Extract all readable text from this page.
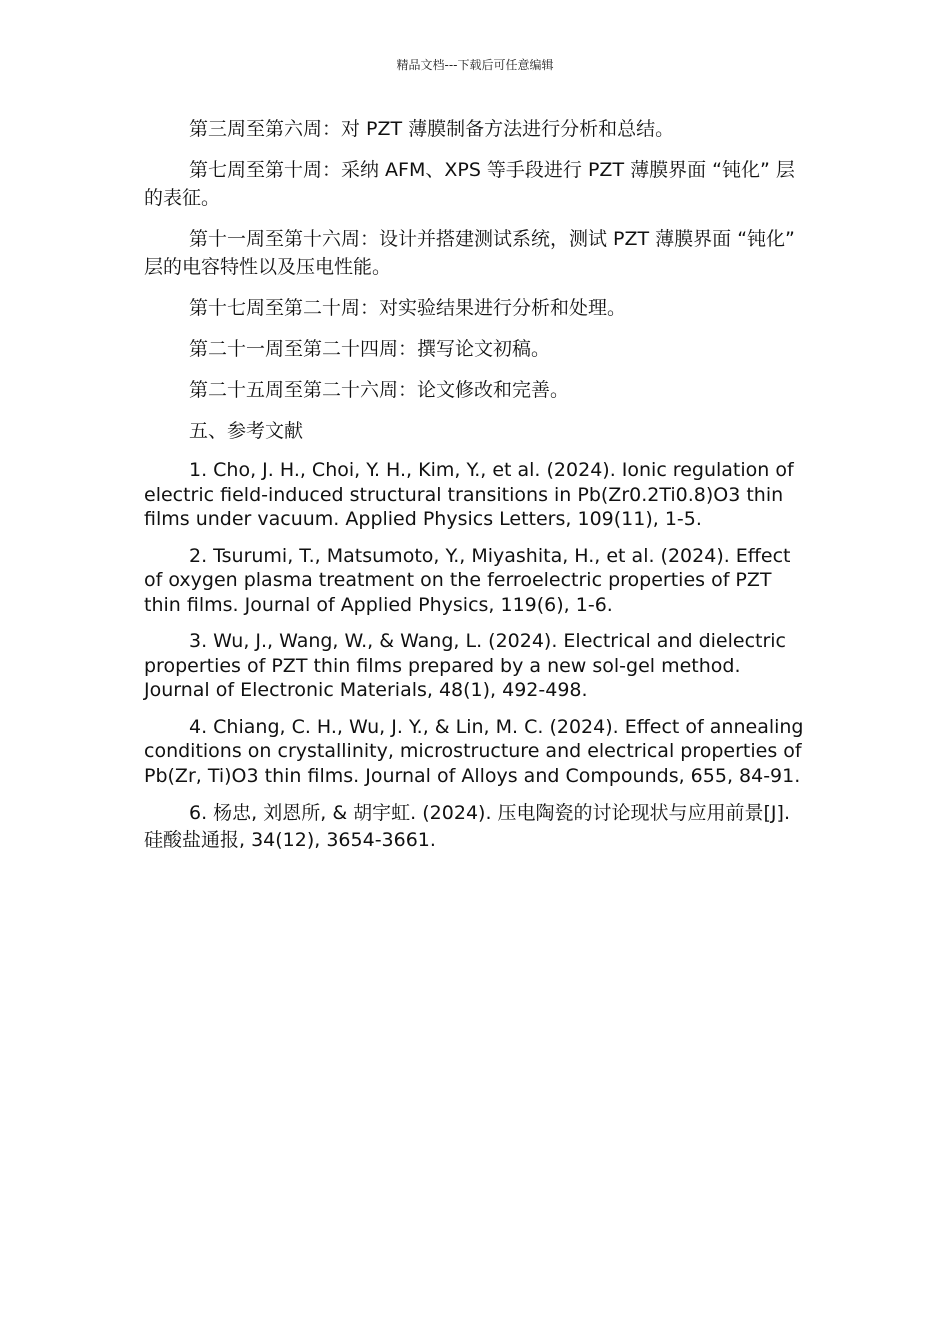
精品文档---下载后可任意编辑

第三周至第六周：对 PZT 薄膜制备方法进行分析和总结。

第七周至第十周：采纳 AFM、XPS 等手段进行 PZT 薄膜界面 “钝化” 层的表征。

第十一周至第十六周：设计并搭建测试系统，测试 PZT 薄膜界面 “钝化” 层的电容特性以及压电性能。

第十七周至第二十周：对实验结果进行分析和处理。

第二十一周至第二十四周：撰写论文初稿。

第二十五周至第二十六周：论文修改和完善。

五、参考文献

1. Cho, J. H., Choi, Y. H., Kim, Y., et al. (2024). Ionic regulation of electric field-induced structural transitions in Pb(Zr0.2Ti0.8)O3 thin films under vacuum. Applied Physics Letters, 109(11), 1-5.

2. Tsurumi, T., Matsumoto, Y., Miyashita, H., et al. (2024). Effect of oxygen plasma treatment on the ferroelectric properties of PZT thin films. Journal of Applied Physics, 119(6), 1-6.

3. Wu, J., Wang, W., & Wang, L. (2024). Electrical and dielectric properties of PZT thin films prepared by a new sol-gel method. Journal of Electronic Materials, 48(1), 492-498.

4. Chiang, C. H., Wu, J. Y., & Lin, M. C. (2024). Effect of annealing conditions on crystallinity, microstructure and electrical properties of Pb(Zr, Ti)O3 thin films. Journal of Alloys and Compounds, 655, 84-91.

6. 杨忠, 刘恩所, & 胡宇虹. (2024). 压电陶瓷的讨论现状与应用前景[J]. 硅酸盐通报, 34(12), 3654-3661.
